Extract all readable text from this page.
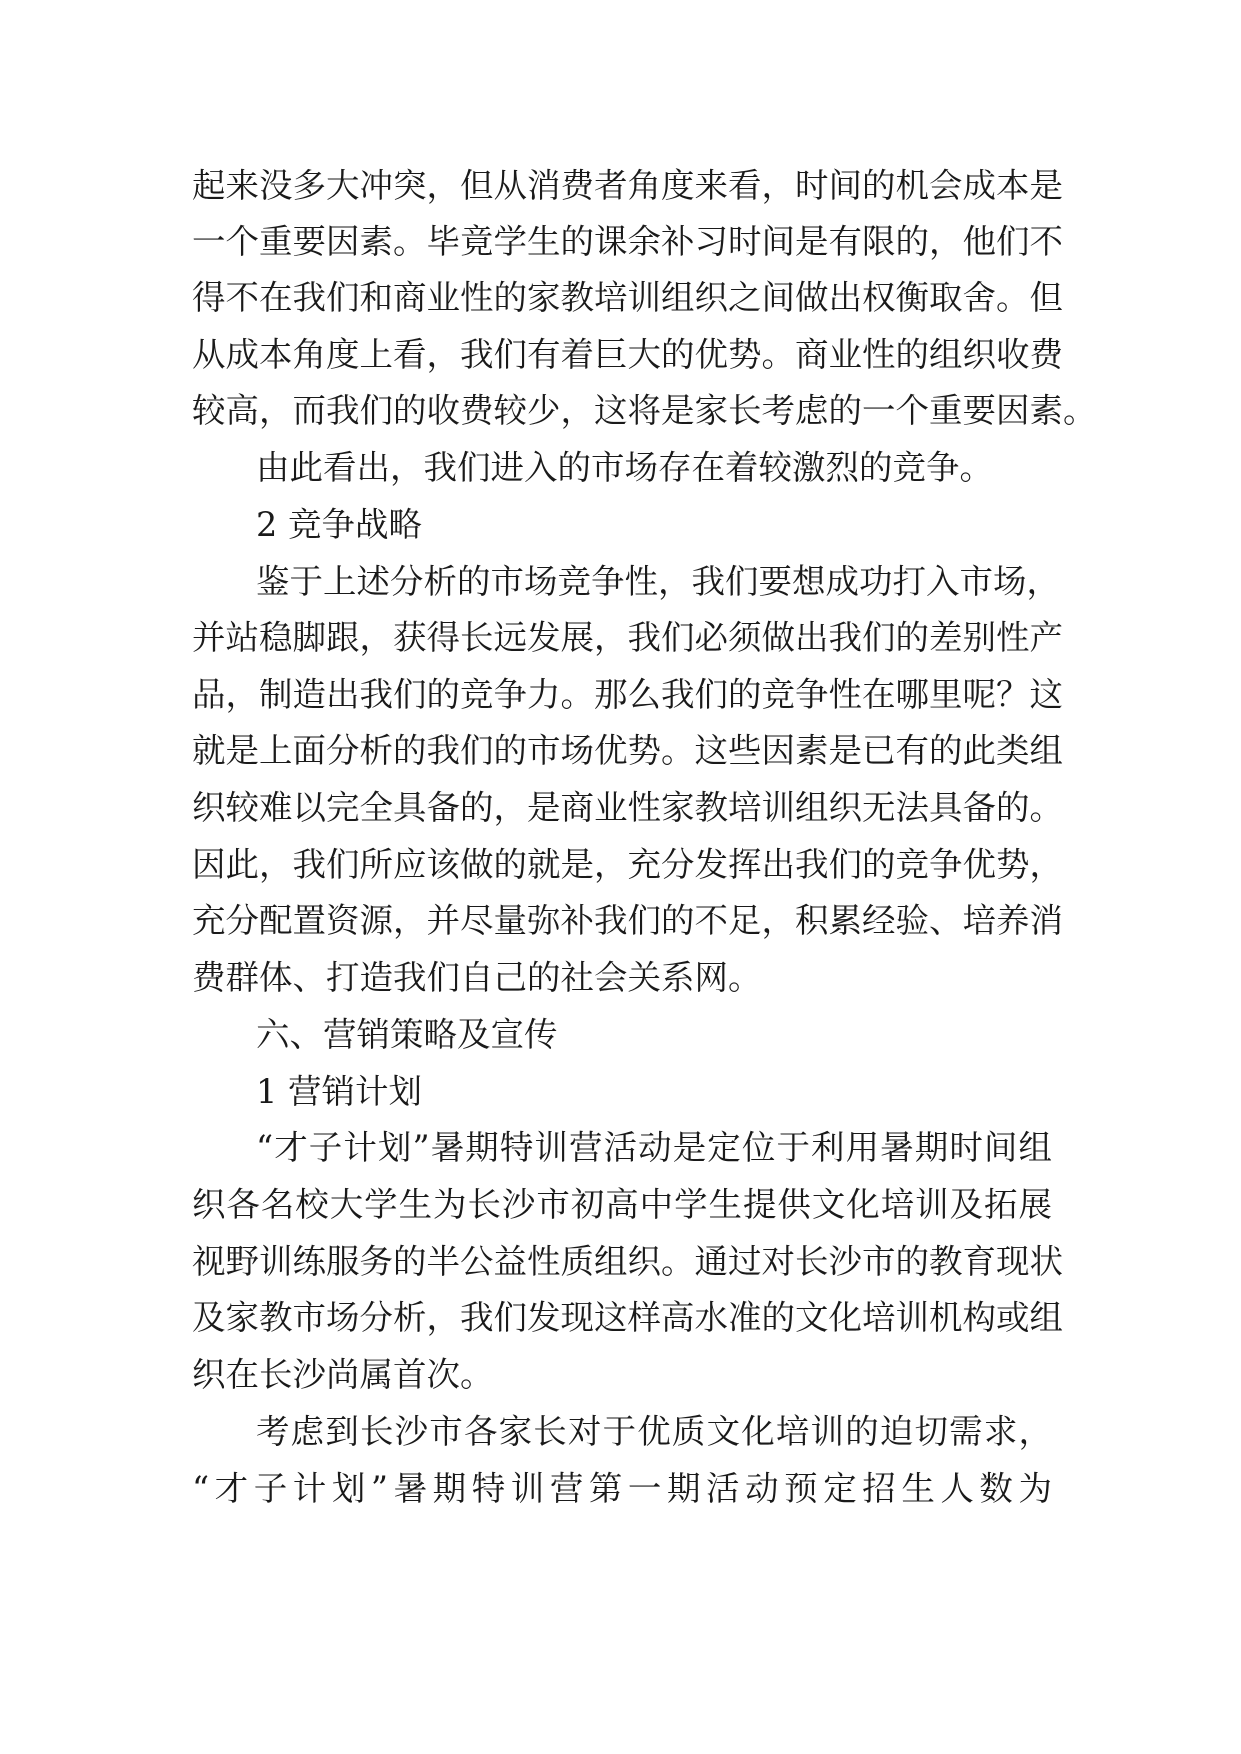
起来没多大冲突，但从消费者角度来看，时间的机会成本是
一个重要因素。毕竟学生的课余补习时间是有限的，他们不
得不在我们和商业性的家教培训组织之间做出权衡取舍。但
从成本角度上看，我们有着巨大的优势。商业性的组织收费
较高，而我们的收费较少，这将是家长考虑的一个重要因素。
由此看出，我们进入的市场存在着较激烈的竞争。
2 竞争战略
鉴于上述分析的市场竞争性，我们要想成功打入市场，
并站稳脚跟，获得长远发展，我们必须做出我们的差别性产
品，制造出我们的竞争力。那么我们的竞争性在哪里呢？这
就是上面分析的我们的市场优势。这些因素是已有的此类组
织较难以完全具备的，是商业性家教培训组织无法具备的。
因此，我们所应该做的就是，充分发挥出我们的竞争优势，
充分配置资源，并尽量弥补我们的不足，积累经验、培养消
费群体、打造我们自己的社会关系网。
六、营销策略及宣传
1 营销计划
“才子计划”暑期特训营活动是定位于利用暑期时间组
织各名校大学生为长沙市初高中学生提供文化培训及拓展
视野训练服务的半公益性质组织。通过对长沙市的教育现状
及家教市场分析，我们发现这样高水准的文化培训机构或组
织在长沙尚属首次。
考虑到长沙市各家长对于优质文化培训的迫切需求，
“才子计划”暑期特训营第一期活动预定招生人数为
